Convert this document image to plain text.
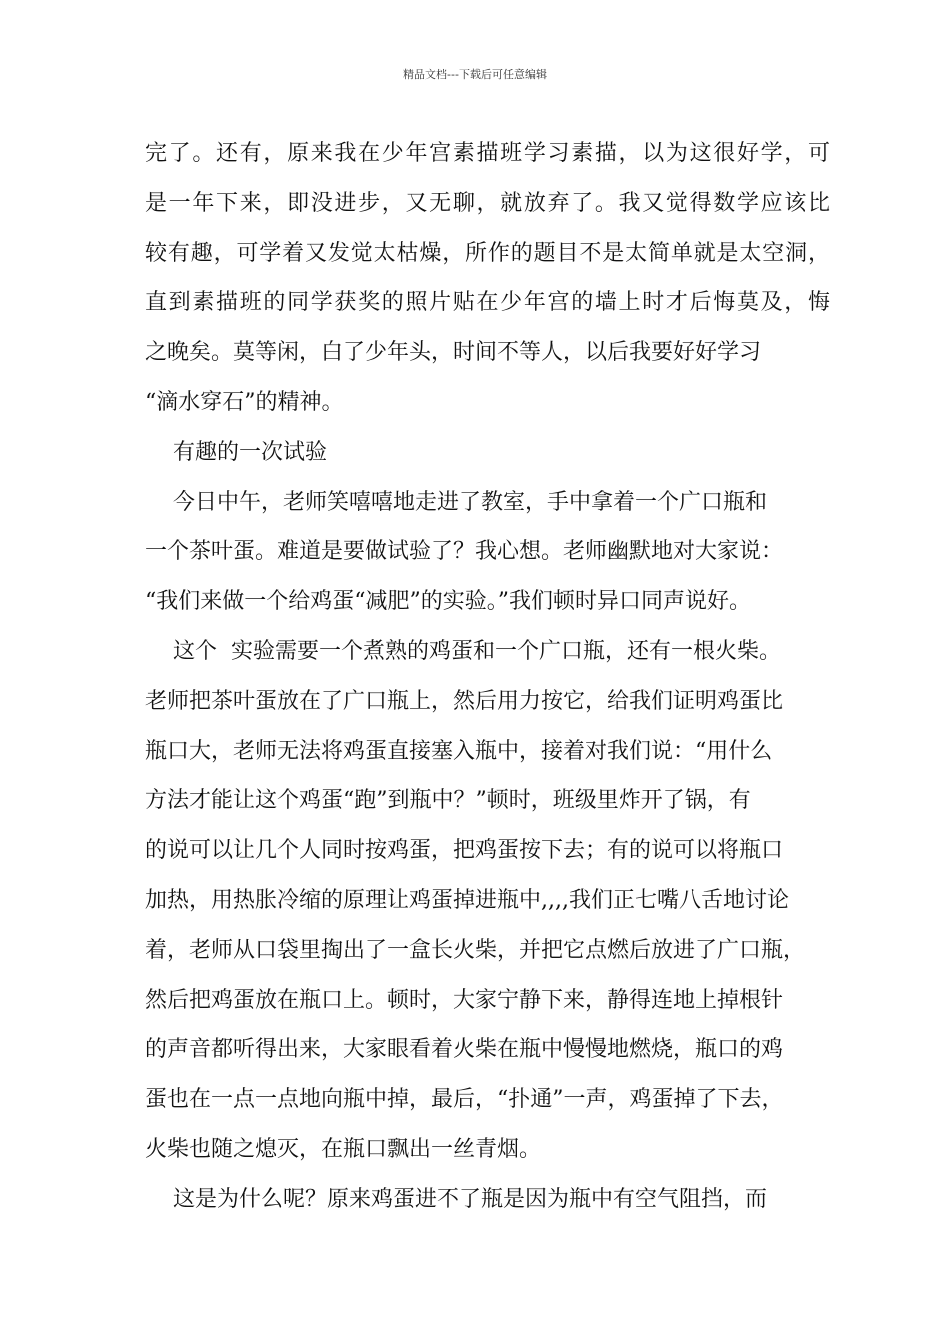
精品文档---下载后可任意编辑
完了。还有，原来我在少年宫素描班学习素描，以为这很好学，可
是一年下来，即没进步，又无聊，就放弃了。我又觉得数学应该比
较有趣，可学着又发觉太枯燥，所作的题目不是太简单就是太空洞，
直到素描班的同学获奖的照片贴在少年宫的墙上时才后悔莫及，悔
之晚矣。莫等闲，白了少年头，时间不等人，以后我要好好学习
“滴水穿石”的精神。
有趣的一次试验
今日中午，老师笑嘻嘻地走进了教室，手中拿着一个广口瓶和
一个茶叶蛋。难道是要做试验了？我心想。老师幽默地对大家说：
“我们来做一个给鸡蛋“减肥”的实验。”我们顿时异口同声说好。
这个  实验需要一个煮熟的鸡蛋和一个广口瓶，还有一根火柴。
老师把茶叶蛋放在了广口瓶上，然后用力按它，给我们证明鸡蛋比
瓶口大，老师无法将鸡蛋直接塞入瓶中，接着对我们说：“用什么
方法才能让这个鸡蛋“跑”到瓶中？”顿时，班级里炸开了锅，有
的说可以让几个人同时按鸡蛋，把鸡蛋按下去；有的说可以将瓶口
加热，用热胀冷缩的原理让鸡蛋掉进瓶中,,,,我们正七嘴八舌地讨论
着，老师从口袋里掏出了一盒长火柴，并把它点燃后放进了广口瓶，
然后把鸡蛋放在瓶口上。顿时，大家宁静下来，静得连地上掉根针
的声音都听得出来，大家眼看着火柴在瓶中慢慢地燃烧，瓶口的鸡
蛋也在一点一点地向瓶中掉，最后，“扑通”一声，鸡蛋掉了下去，
火柴也随之熄灭，在瓶口飘出一丝青烟。
这是为什么呢？原来鸡蛋进不了瓶是因为瓶中有空气阻挡，而
